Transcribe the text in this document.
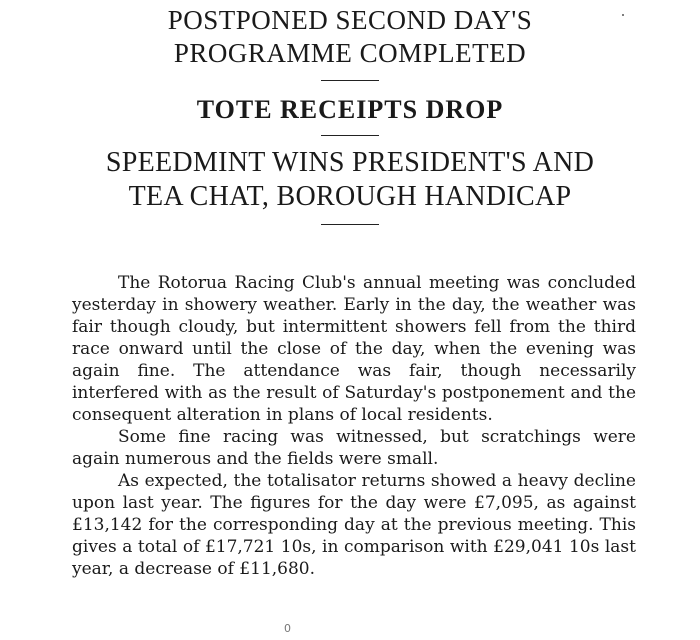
POSTPONED SECOND DAY'S
PROGRAMME COMPLETED
TOTE RECEIPTS DROP
SPEEDMINT WINS PRESIDENT'S AND
TEA CHAT, BOROUGH HANDICAP

The Rotorua Racing Club's annual meeting was concluded yesterday in showery weather. Early in the day, the weather was fair though cloudy, but intermittent showers fell from the third race onward until the close of the day, when the evening was again fine. The attendance was fair, though necessarily interfered with as the result of Saturday's postponement and the consequent alteration in plans of local residents.

Some fine racing was witnessed, but scratchings were again numerous and the fields were small.

As expected, the totalisator returns showed a heavy decline upon last year. The figures for the day were £7,095, as against £13,142 for the corresponding day at the previous meeting. This gives a total of £17,721 10s, in comparison with £29,041 10s last year, a decrease of £11,680.

0
